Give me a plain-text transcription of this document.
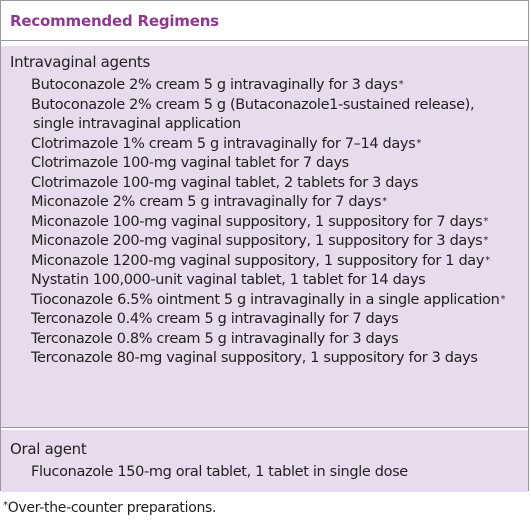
Recommended Regimens
Intravaginal agents
Butoconazole 2% cream 5 g intravaginally for 3 days*
Butoconazole 2% cream 5 g (Butaconazole1-sustained release),
single intravaginal application
Clotrimazole 1% cream 5 g intravaginally for 7–14 days*
Clotrimazole 100-mg vaginal tablet for 7 days
Clotrimazole 100-mg vaginal tablet, 2 tablets for 3 days
Miconazole 2% cream 5 g intravaginally for 7 days*
Miconazole 100-mg vaginal suppository, 1 suppository for 7 days*
Miconazole 200-mg vaginal suppository, 1 suppository for 3 days*
Miconazole 1200-mg vaginal suppository, 1 suppository for 1 day*
Nystatin 100,000-unit vaginal tablet, 1 tablet for 14 days
Tioconazole 6.5% ointment 5 g intravaginally in a single application*
Terconazole 0.4% cream 5 g intravaginally for 7 days
Terconazole 0.8% cream 5 g intravaginally for 3 days
Terconazole 80-mg vaginal suppository, 1 suppository for 3 days
Oral agent
Fluconazole 150-mg oral tablet, 1 tablet in single dose
*Over-the-counter preparations.
